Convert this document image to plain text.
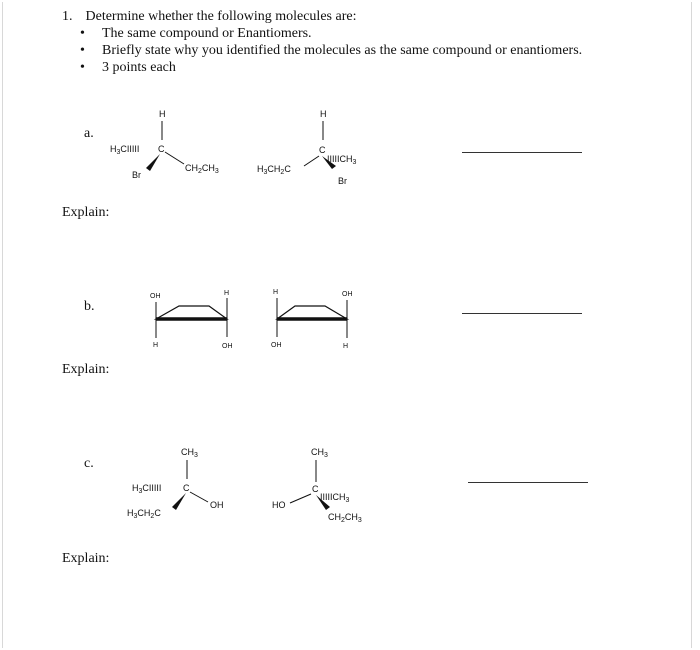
1. Determine whether the following molecules are:
• The same compound or Enantiomers.
• Briefly state why you identified the molecules as the same compound or enantiomers.
• 3 points each
a.
Explain:
H
$H_3CIIIII$ C
$CH_2CH_3$
Br
H
C
$IIIIICH_3$
$H_3CH_2C$
Br
b.
Explain:
OH	H
H	OH
H	OH
OH	H
c.
Explain:
$CH_3$
$H_3CIIIII$ C
OH
$H_3CH_2C$
$CH_3$
C
$IIIIICH_3$
HO
$CH_2CH_3$
